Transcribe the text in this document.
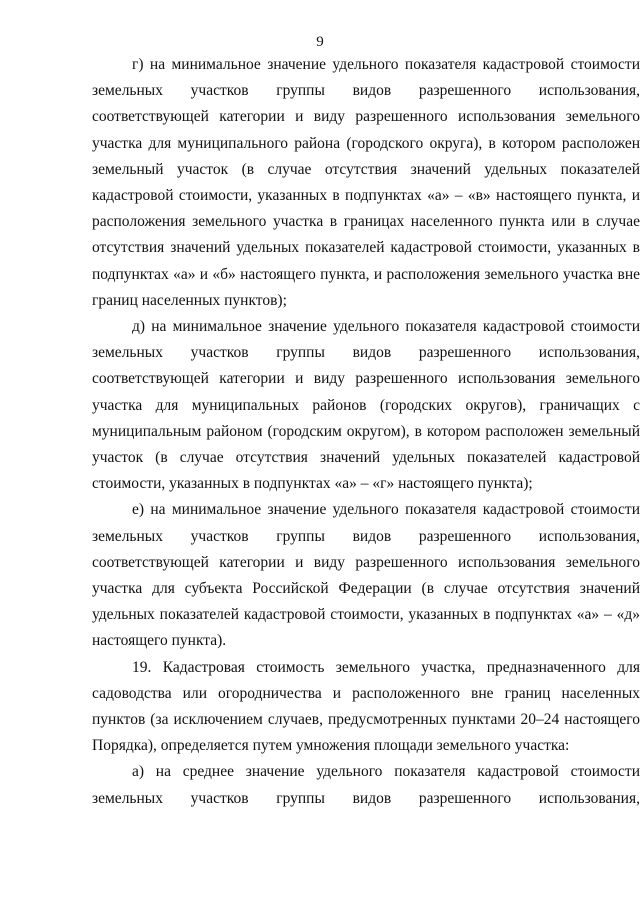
9

г) на минимальное значение удельного показателя кадастровой стоимости земельных участков группы видов разрешенного использования, соответствующей категории и виду разрешенного использования земельного участка для муниципального района (городского округа), в котором расположен земельный участок (в случае отсутствия значений удельных показателей кадастровой стоимости, указанных в подпунктах «а» – «в» настоящего пункта, и расположения земельного участка в границах населенного пункта или в случае отсутствия значений удельных показателей кадастровой стоимости, указанных в подпунктах «а» и «б» настоящего пункта, и расположения земельного участка вне границ населенных пунктов);

д) на минимальное значение удельного показателя кадастровой стоимости земельных участков группы видов разрешенного использования, соответствующей категории и виду разрешенного использования земельного участка для муниципальных районов (городских округов), граничащих с муниципальным районом (городским округом), в котором расположен земельный участок (в случае отсутствия значений удельных показателей кадастровой стоимости, указанных в подпунктах «а» – «г» настоящего пункта);

е) на минимальное значение удельного показателя кадастровой стоимости земельных участков группы видов разрешенного использования, соответствующей категории и виду разрешенного использования земельного участка для субъекта Российской Федерации (в случае отсутствия значений удельных показателей кадастровой стоимости, указанных в подпунктах «а» – «д» настоящего пункта).

19. Кадастровая стоимость земельного участка, предназначенного для садоводства или огородничества и расположенного вне границ населенных пунктов (за исключением случаев, предусмотренных пунктами 20–24 настоящего Порядка), определяется путем умножения площади земельного участка:

а) на среднее значение удельного показателя кадастровой стоимости земельных участков группы видов разрешенного использования,
